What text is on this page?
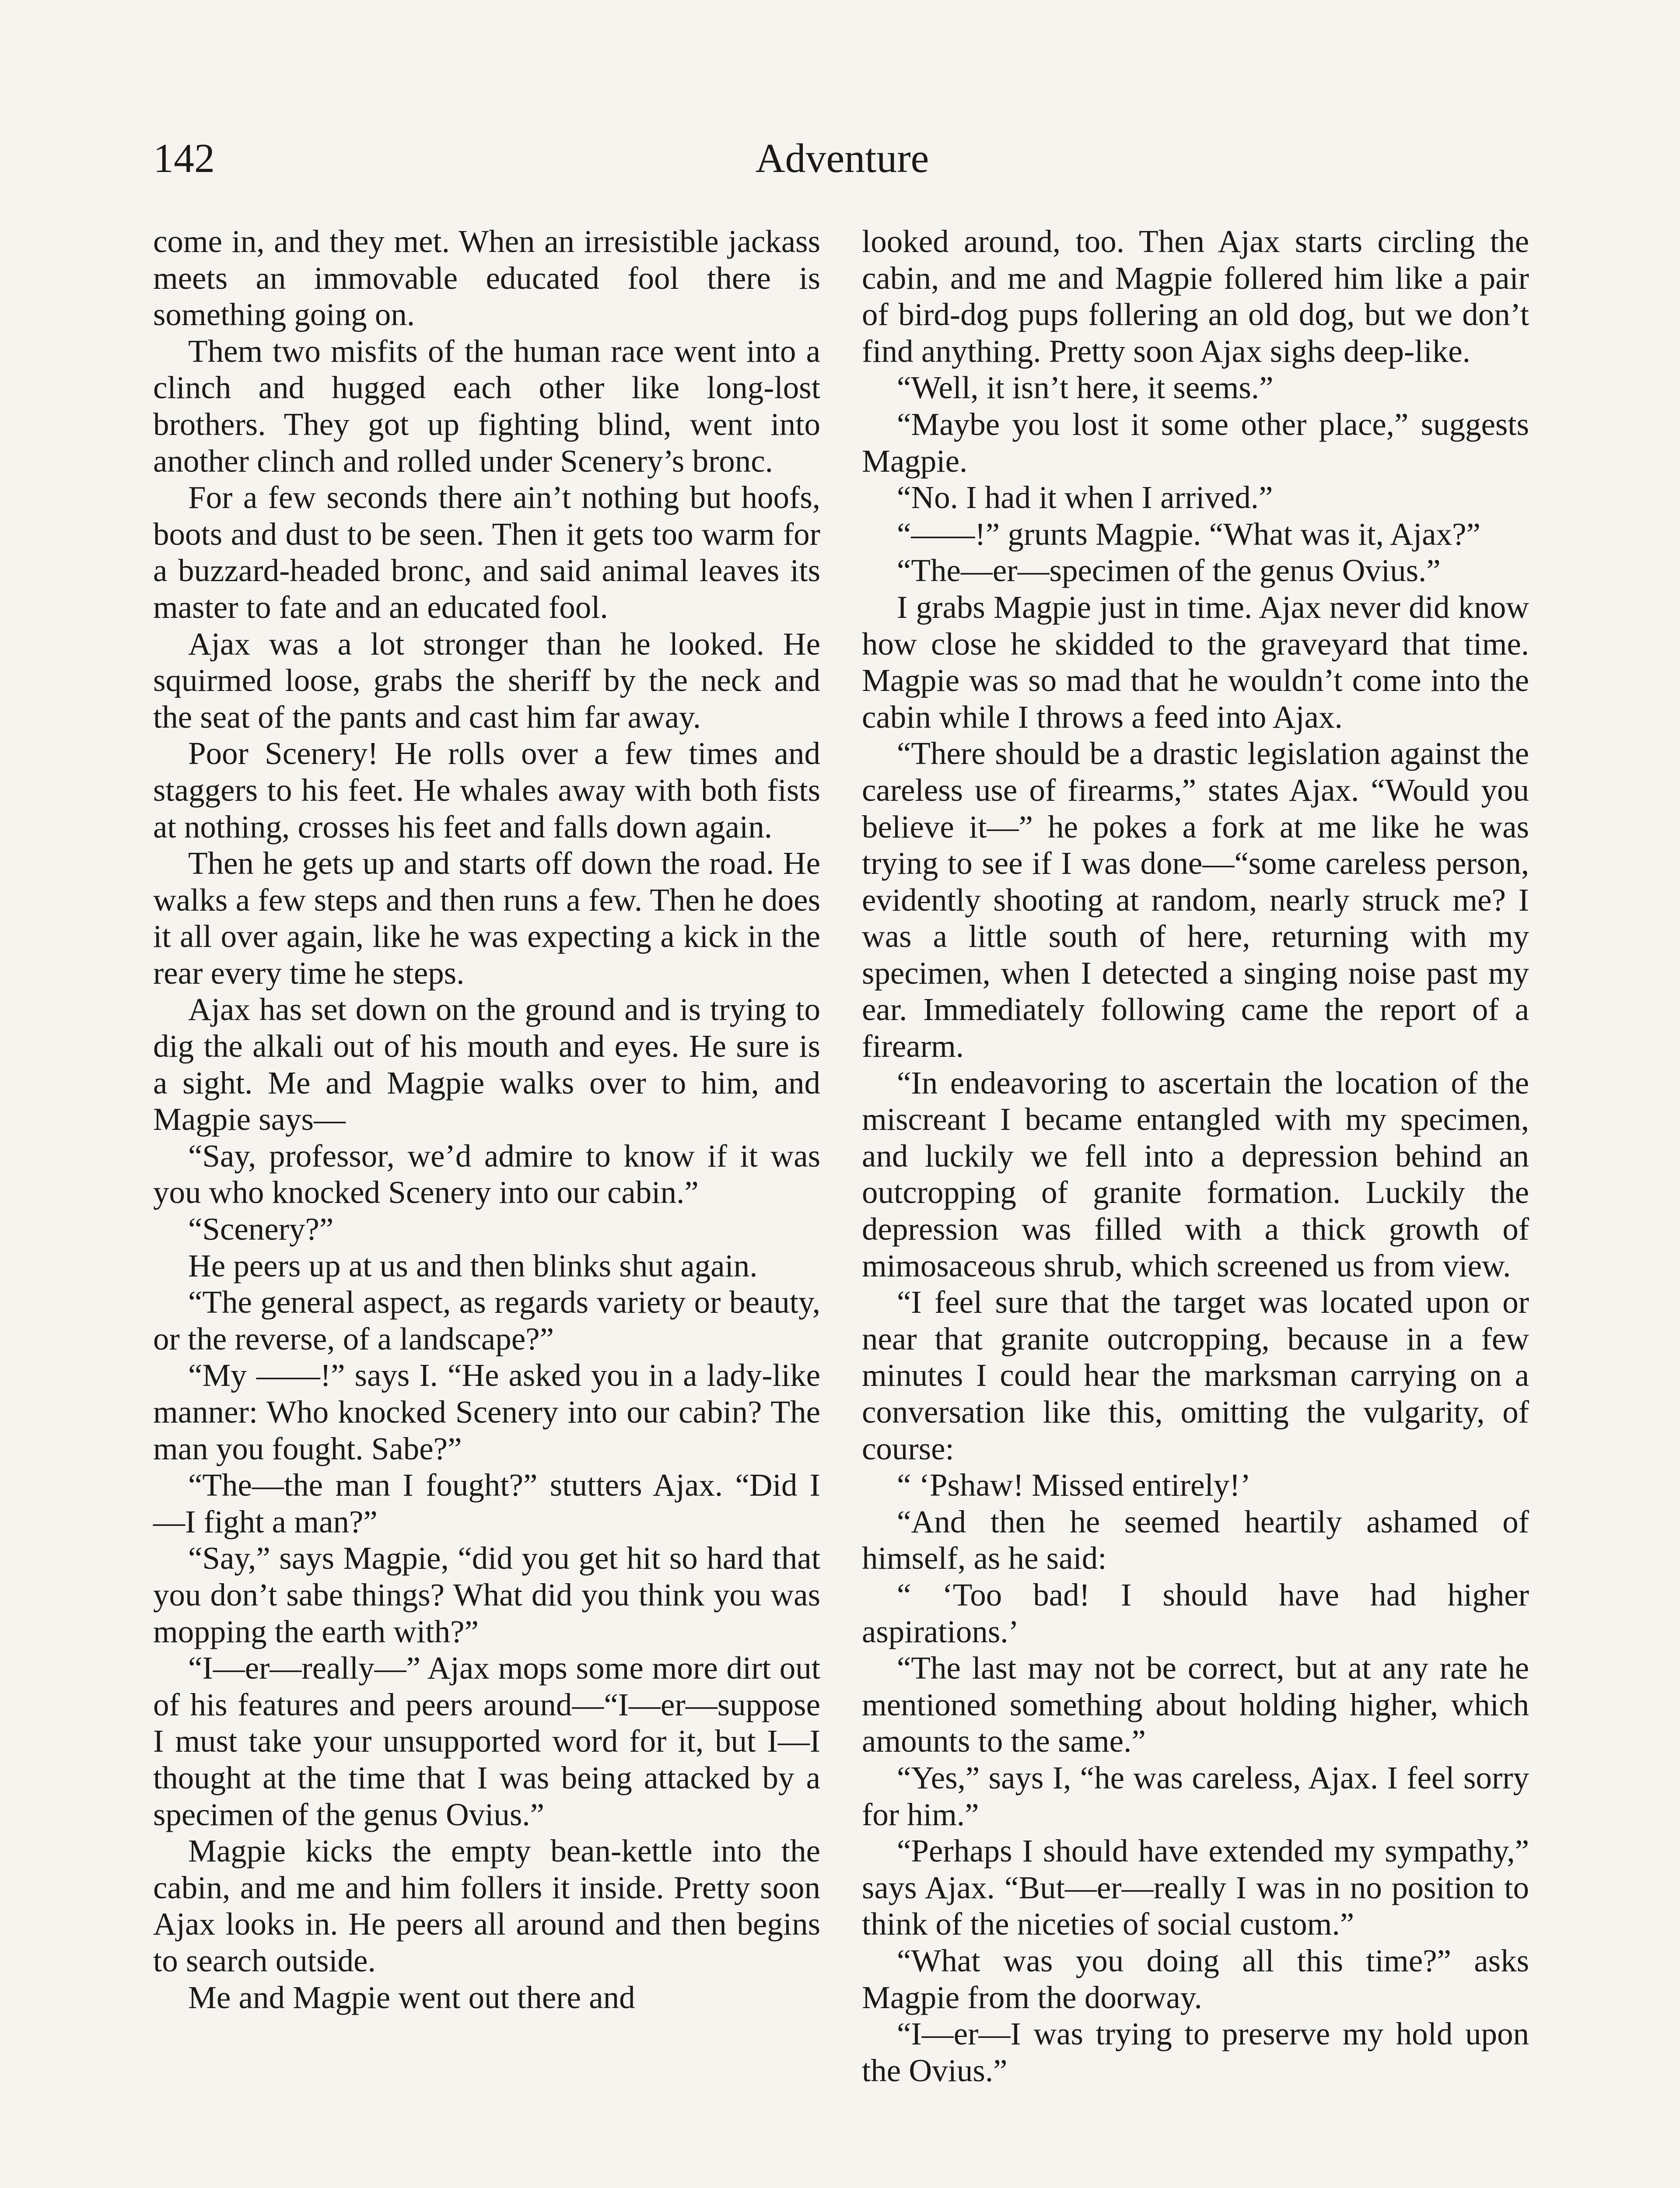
142	Adventure

come in, and they met. When an irresistible jackass meets an immovable educated fool there is something going on.

Them two misfits of the human race went into a clinch and hugged each other like long-lost brothers. They got up fighting blind, went into another clinch and rolled under Scenery’s bronc.

For a few seconds there ain’t nothing but hoofs, boots and dust to be seen. Then it gets too warm for a buzzard-headed bronc, and said animal leaves its master to fate and an educated fool.

Ajax was a lot stronger than he looked. He squirmed loose, grabs the sheriff by the neck and the seat of the pants and cast him far away.

Poor Scenery! He rolls over a few times and staggers to his feet. He whales away with both fists at nothing, crosses his feet and falls down again.

Then he gets up and starts off down the road. He walks a few steps and then runs a few. Then he does it all over again, like he was expecting a kick in the rear every time he steps.

Ajax has set down on the ground and is trying to dig the alkali out of his mouth and eyes. He sure is a sight. Me and Magpie walks over to him, and Magpie says—

“Say, professor, we’d admire to know if it was you who knocked Scenery into our cabin.”

“Scenery?”

He peers up at us and then blinks shut again.

“The general aspect, as regards variety or beauty, or the reverse, of a landscape?”

“My ——!” says I. “He asked you in a lady-like manner: Who knocked Scenery into our cabin? The man you fought. Sabe?”

“The—the man I fought?” stutters Ajax. “Did I—I fight a man?”

“Say,” says Magpie, “did you get hit so hard that you don’t sabe things? What did you think you was mopping the earth with?”

“I—er—really—” Ajax mops some more dirt out of his features and peers around—“I—er—suppose I must take your unsupported word for it, but I—I thought at the time that I was being attacked by a specimen of the genus Ovius.”

Magpie kicks the empty bean-kettle into the cabin, and me and him follers it inside. Pretty soon Ajax looks in. He peers all around and then begins to search outside.

Me and Magpie went out there and

looked around, too. Then Ajax starts circling the cabin, and me and Magpie follered him like a pair of bird-dog pups follering an old dog, but we don’t find anything. Pretty soon Ajax sighs deep-like.

“Well, it isn’t here, it seems.”

“Maybe you lost it some other place,” suggests Magpie.

“No. I had it when I arrived.”

“——!” grunts Magpie. “What was it, Ajax?”

“The—er—specimen of the genus Ovius.”

I grabs Magpie just in time. Ajax never did know how close he skidded to the graveyard that time. Magpie was so mad that he wouldn’t come into the cabin while I throws a feed into Ajax.

“There should be a drastic legislation against the careless use of firearms,” states Ajax. “Would you believe it—” he pokes a fork at me like he was trying to see if I was done—“some careless person, evidently shooting at random, nearly struck me? I was a little south of here, returning with my specimen, when I detected a singing noise past my ear. Immediately following came the report of a firearm.

“In endeavoring to ascertain the location of the miscreant I became entangled with my specimen, and luckily we fell into a depression behind an outcropping of granite formation. Luckily the depression was filled with a thick growth of mimosaceous shrub, which screened us from view.

“I feel sure that the target was located upon or near that granite outcropping, because in a few minutes I could hear the marksman carrying on a conversation like this, omitting the vulgarity, of course:

“ ‘Pshaw! Missed entirely!’

“And then he seemed heartily ashamed of himself, as he said:

“ ‘Too bad! I should have had higher aspirations.’

“The last may not be correct, but at any rate he mentioned something about holding higher, which amounts to the same.”

“Yes,” says I, “he was careless, Ajax. I feel sorry for him.”

“Perhaps I should have extended my sympathy,” says Ajax. “But—er—really I was in no position to think of the niceties of social custom.”

“What was you doing all this time?” asks Magpie from the doorway.

“I—er—I was trying to preserve my hold upon the Ovius.”
